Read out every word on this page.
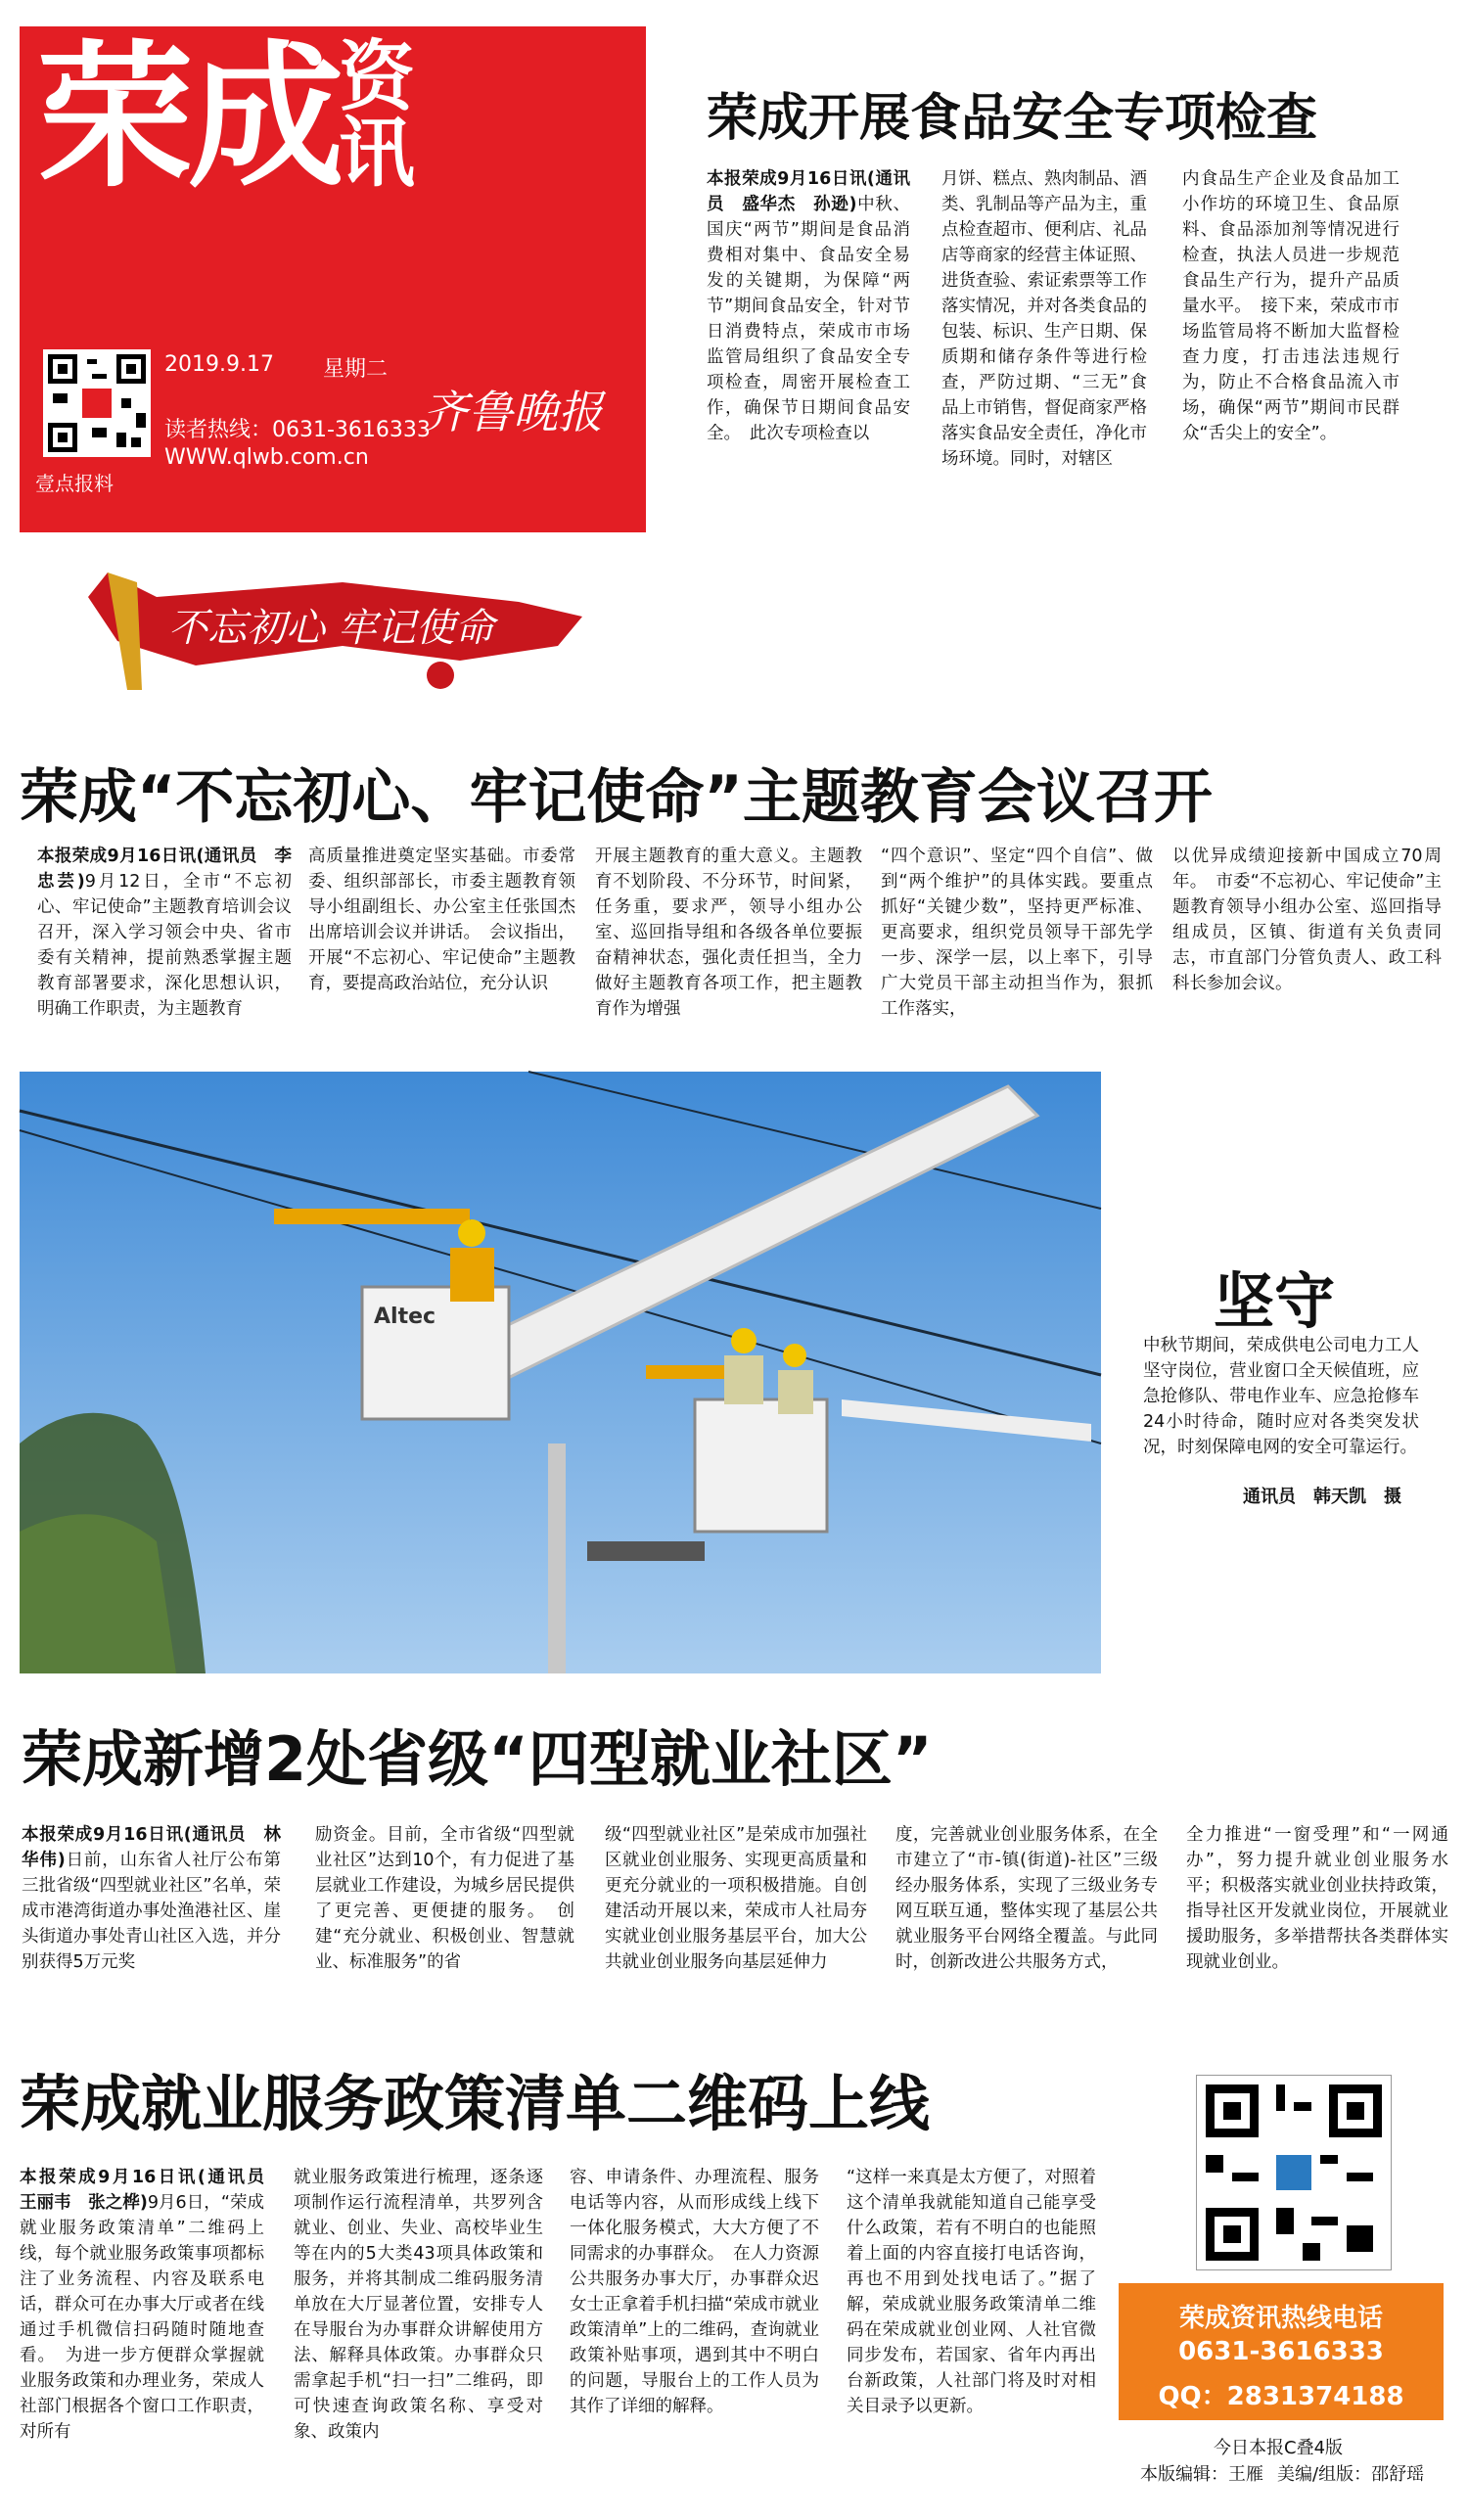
荣成资
讯
壹点报料
2019.9.17 星期二
齐鲁晚报
读者热线：0631-3616333
WWW.qlwb.com.cn
荣成开展食品安全专项检查
本报荣成9月16日讯(通讯员　盛华杰　孙逊)中秋、国庆“两节”期间是食品消费相对集中、食品安全易发的关键期，为保障“两节”期间食品安全，针对节日消费特点，荣成市市场监管局组织了食品安全专项检查，周密开展检查工作，确保节日期间食品安全。　此次专项检查以
月饼、糕点、熟肉制品、酒类、乳制品等产品为主，重点检查超市、便利店、礼品店等商家的经营主体证照、进货查验、索证索票等工作落实情况，并对各类食品的包装、标识、生产日期、保质期和储存条件等进行检查，严防过期、“三无”食品上市销售，督促商家严格落实食品安全责任，净化市场环境。同时，对辖区
内食品生产企业及食品加工小作坊的环境卫生、食品原料、食品添加剂等情况进行检查，执法人员进一步规范食品生产行为，提升产品质量水平。　接下来，荣成市市场监管局将不断加大监督检查力度，打击违法违规行为，防止不合格食品流入市场，确保“两节”期间市民群众“舌尖上的安全”。
不忘初心 牢记使命
荣成“不忘初心、牢记使命”主题教育会议召开
本报荣成9月16日讯(通讯员　李忠芸)9月12日，全市“不忘初心、牢记使命”主题教育培训会议召开，深入学习领会中央、省市委有关精神，提前熟悉掌握主题教育部署要求，深化思想认识，明确工作职责，为主题教育
高质量推进奠定坚实基础。市委常委、组织部部长，市委主题教育领导小组副组长、办公室主任张国杰出席培训会议并讲话。　会议指出，开展“不忘初心、牢记使命”主题教育，要提高政治站位，充分认识
开展主题教育的重大意义。主题教育不划阶段、不分环节，时间紧，任务重，要求严，领导小组办公室、巡回指导组和各级各单位要振奋精神状态，强化责任担当，全力做好主题教育各项工作，把主题教育作为增强
“四个意识”、坚定“四个自信”、做到“两个维护”的具体实践。要重点抓好“关键少数”，坚持更严标准、更高要求，组织党员领导干部先学一步、深学一层，以上率下，引导广大党员干部主动担当作为，狠抓工作落实，
以优异成绩迎接新中国成立70周年。　市委“不忘初心、牢记使命”主题教育领导小组办公室、巡回指导组成员，区镇、街道有关负责同志，市直部门分管负责人、政工科科长参加会议。
Altec	坚守
中秋节期间，荣成供电公司电力工人坚守岗位，营业窗口全天候值班，应急抢修队、带电作业车、应急抢修车24小时待命，随时应对各类突发状况，时刻保障电网的安全可靠运行。
通讯员　韩天凯　摄
荣成新增2处省级“四型就业社区”
本报荣成9月16日讯(通讯员　林华伟)日前，山东省人社厅公布第三批省级“四型就业社区”名单，荣成市港湾街道办事处渔港社区、崖头街道办事处青山社区入选，并分别获得5万元奖
励资金。目前，全市省级“四型就业社区”达到10个，有力促进了基层就业工作建设，为城乡居民提供了更完善、更便捷的服务。　创建“充分就业、积极创业、智慧就业、标准服务”的省
级“四型就业社区”是荣成市加强社区就业创业服务、实现更高质量和更充分就业的一项积极措施。自创建活动开展以来，荣成市人社局夯实就业创业服务基层平台，加大公共就业创业服务向基层延伸力
度，完善就业创业服务体系，在全市建立了“市-镇(街道)-社区”三级经办服务体系，实现了三级业务专网互联互通，整体实现了基层公共就业服务平台网络全覆盖。与此同时，创新改进公共服务方式，
全力推进“一窗受理”和“一网通办”，努力提升就业创业服务水平；积极落实就业创业扶持政策，指导社区开发就业岗位，开展就业援助服务，多举措帮扶各类群体实现就业创业。
荣成就业服务政策清单二维码上线
本报荣成9月16日讯(通讯员　王丽韦　张之桦)9月6日，“荣成就业服务政策清单”二维码上线，每个就业服务政策事项都标注了业务流程、内容及联系电话，群众可在办事大厅或者在线通过手机微信扫码随时随地查看。　为进一步方便群众掌握就业服务政策和办理业务，荣成人社部门根据各个窗口工作职责，对所有
就业服务政策进行梳理，逐条逐项制作运行流程清单，共罗列含就业、创业、失业、高校毕业生等在内的5大类43项具体政策和服务，并将其制成二维码服务清单放在大厅显著位置，安排专人在导服台为办事群众讲解使用方法、解释具体政策。办事群众只需拿起手机“扫一扫”二维码，即可快速查询政策名称、享受对象、政策内
容、申请条件、办理流程、服务电话等内容，从而形成线上线下一体化服务模式，大大方便了不同需求的办事群众。　在人力资源公共服务办事大厅，办事群众迟女士正拿着手机扫描“荣成市就业政策清单”上的二维码，查询就业政策补贴事项，遇到其中不明白的问题，导服台上的工作人员为其作了详细的解释。
“这样一来真是太方便了，对照着这个清单我就能知道自己能享受什么政策，若有不明白的也能照着上面的内容直接打电话咨询，再也不用到处找电话了。”据了解，荣成就业服务政策清单二维码在荣成就业创业网、人社官微同步发布，若国家、省年内再出台新政策，人社部门将及时对相关目录予以更新。
荣成资讯热线电话
0631-3616333
QQ：2831374188
今日本报C叠4版
本版编辑：王雁 美编/组版：邵舒瑶
